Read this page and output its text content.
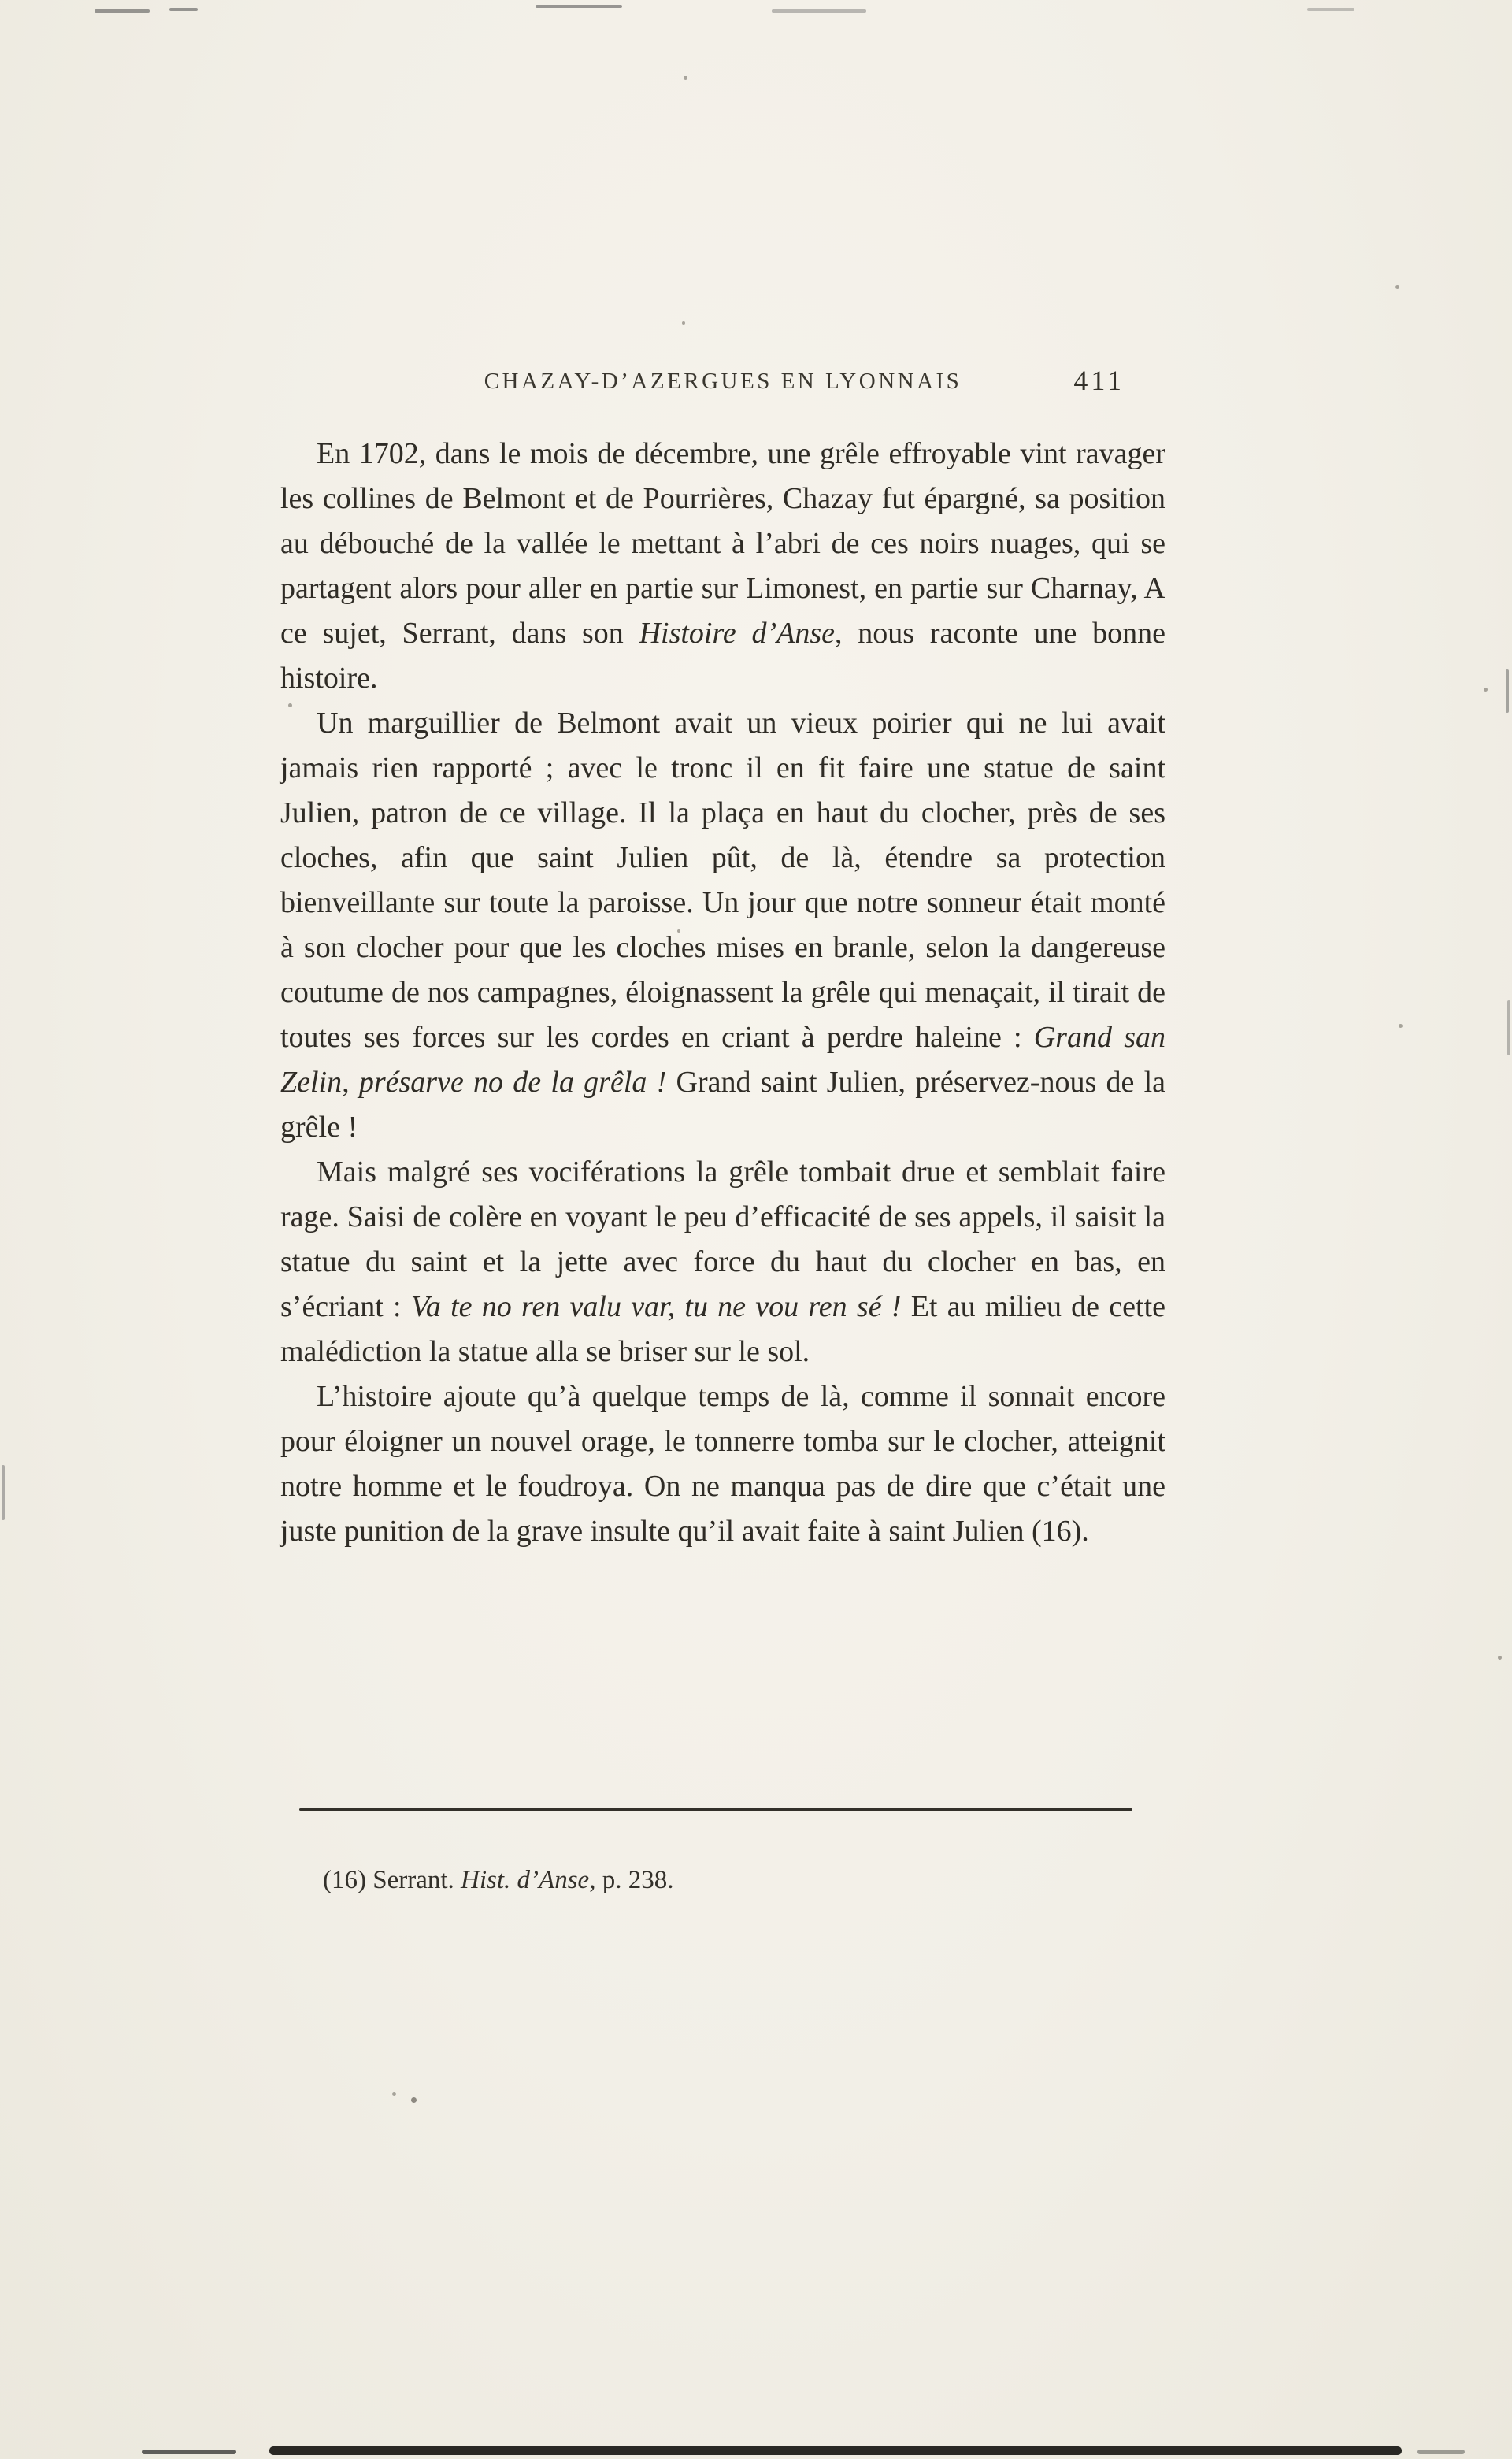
CHAZAY-D’AZERGUES EN LYONNAIS	411

En 1702, dans le mois de décembre, une grêle effroyable vint ravager les collines de Belmont et de Pourrières, Chazay fut épargné, sa position au débouché de la vallée le mettant à l’abri de ces noirs nuages, qui se partagent alors pour aller en partie sur Limonest, en partie sur Charnay, A ce sujet, Serrant, dans son Histoire d’Anse, nous raconte une bonne histoire.

Un marguillier de Belmont avait un vieux poirier qui ne lui avait jamais rien rapporté ; avec le tronc il en fit faire une statue de saint Julien, patron de ce village. Il la plaça en haut du clocher, près de ses cloches, afin que saint Julien pût, de là, étendre sa protection bienveillante sur toute la paroisse. Un jour que notre sonneur était monté à son clocher pour que les cloches mises en branle, selon la dangereuse coutume de nos campagnes, éloignassent la grêle qui menaçait, il tirait de toutes ses forces sur les cordes en criant à perdre haleine : Grand san Zelin, présarve no de la grêla ! Grand saint Julien, préservez-nous de la grêle !

Mais malgré ses vociférations la grêle tombait drue et semblait faire rage. Saisi de colère en voyant le peu d’efficacité de ses appels, il saisit la statue du saint et la jette avec force du haut du clocher en bas, en s’écriant : Va te no ren valu var, tu ne vou ren sé ! Et au milieu de cette malédiction la statue alla se briser sur le sol.

L’histoire ajoute qu’à quelque temps de là, comme il sonnait encore pour éloigner un nouvel orage, le tonnerre tomba sur le clocher, atteignit notre homme et le foudroya. On ne manqua pas de dire que c’était une juste punition de la grave insulte qu’il avait faite à saint Julien (16).

(16) Serrant. Hist. d’Anse, p. 238.
